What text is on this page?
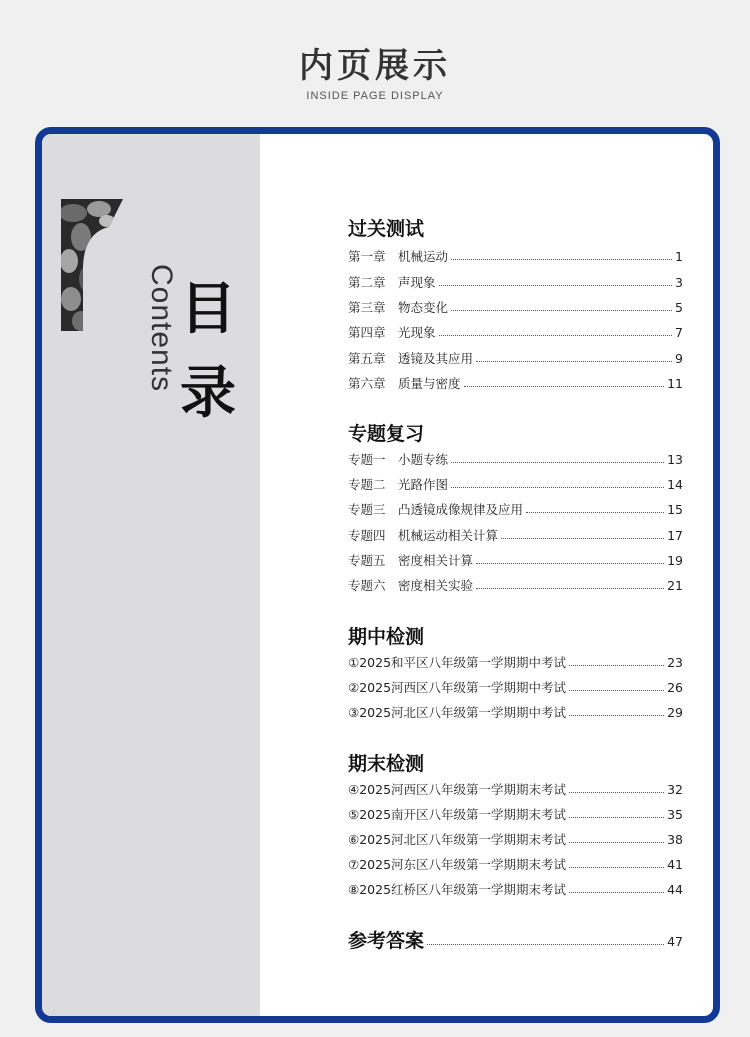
内页展示
INSIDE PAGE DISPLAY
Contents 目
录
过关测试
第一章 机械运动	1
第二章 声现象	3
第三章 物态变化	5
第四章 光现象	7
第五章 透镜及其应用	9
第六章 质量与密度	11
专题复习
专题一 小题专练	13
专题二 光路作图	14
专题三 凸透镜成像规律及应用	15
专题四 机械运动相关计算	17
专题五 密度相关计算	19
专题六 密度相关实验	21
期中检测
①2025和平区八年级第一学期期中考试	23
②2025河西区八年级第一学期期中考试	26
③2025河北区八年级第一学期期中考试	29
期末检测
④2025河西区八年级第一学期期末考试	32
⑤2025南开区八年级第一学期期末考试	35
⑥2025河北区八年级第一学期期末考试	38
⑦2025河东区八年级第一学期期末考试	41
⑧2025红桥区八年级第一学期期末考试	44
参考答案	47
